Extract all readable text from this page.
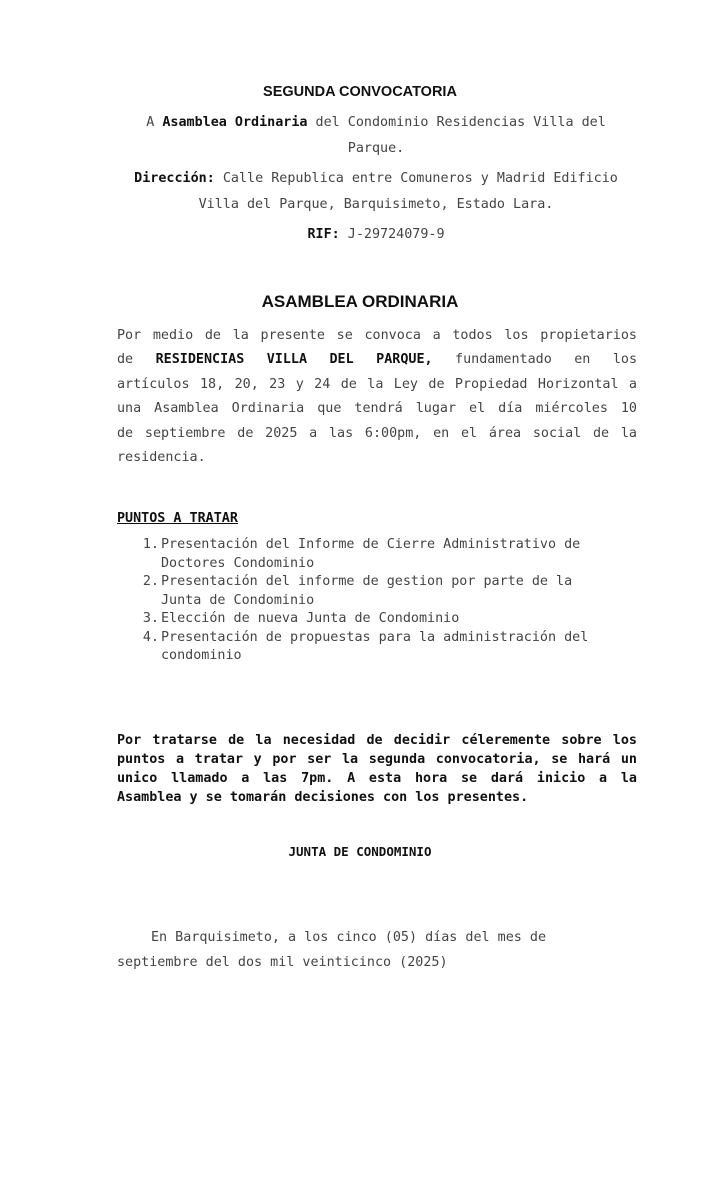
SEGUNDA CONVOCATORIA
A Asamblea Ordinaria del Condominio Residencias Villa del
Parque.
Dirección: Calle Republica entre Comuneros y Madrid Edificio
Villa del Parque, Barquisimeto, Estado Lara.
RIF: J-29724079-9
ASAMBLEA ORDINARIA
Por medio de la presente se convoca a todos los propietarios
de RESIDENCIAS VILLA DEL PARQUE, fundamentado en los
artículos 18, 20, 23 y 24 de la Ley de Propiedad Horizontal a
una Asamblea Ordinaria que tendrá lugar el día miércoles 10
de septiembre de 2025 a las 6:00pm, en el área social de la
residencia.
PUNTOS A TRATAR
1. Presentación del Informe de Cierre Administrativo de
Doctores Condominio
2. Presentación del informe de gestion por parte de la
Junta de Condominio
3. Elección de nueva Junta de Condominio
4. Presentación de propuestas para la administración del
condominio
Por tratarse de la necesidad de decidir céleremente sobre los
puntos a tratar y por ser la segunda convocatoria, se hará un
unico llamado a las 7pm. A esta hora se dará inicio a la
Asamblea y se tomarán decisiones con los presentes.
JUNTA DE CONDOMINIO
En Barquisimeto, a los cinco (05) días del mes de
septiembre del dos mil veinticinco (2025)
